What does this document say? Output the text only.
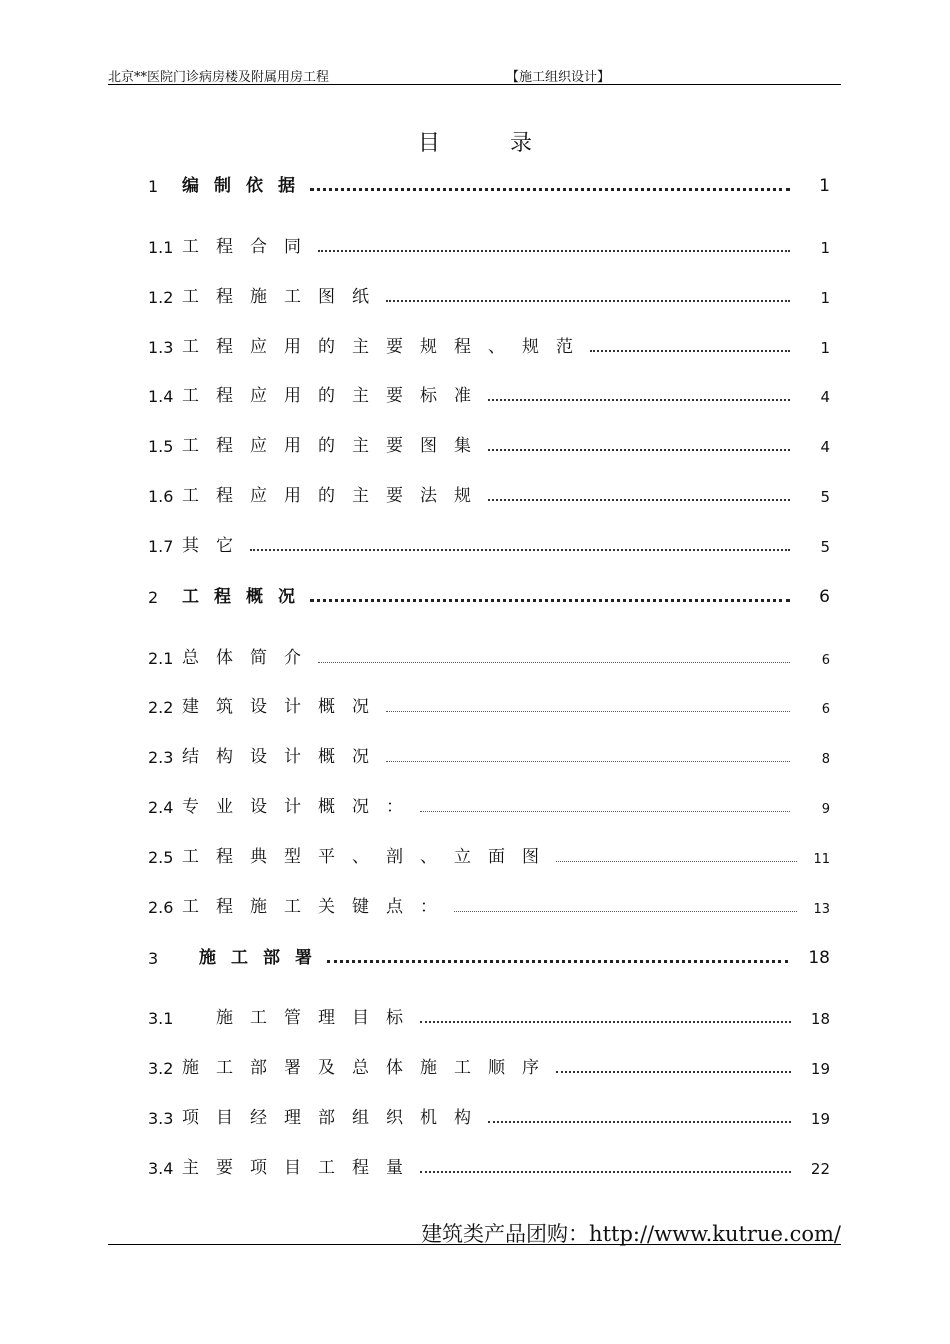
北京**医院门诊病房楼及附属用房工程	【施工组织设计】
目	录
1	编制依据	1
1.1 工程合同	1
1.2 工程施工图纸	1
1.3 工程应用的主要规程、规范	1
1.4 工程应用的主要标准	4
1.5 工程应用的主要图集	4
1.6 工程应用的主要法规	5
1.7 其它	5
2	工程概况	6
2.1 总体简介	6
2.2 建筑设计概况	6
2.3 结构设计概况	8
2.4 专业设计概况：	9
2.5 工程典型平、剖、立面图	11
2.6 工程施工关键点：	13
3	施工部署	18
3.1	施工管理目标	18
3.2 施工部署及总体施工顺序	19
3.3 项目经理部组织机构	19
3.4 主要项目工程量	22
建筑类产品团购：http://www.kutrue.com/
